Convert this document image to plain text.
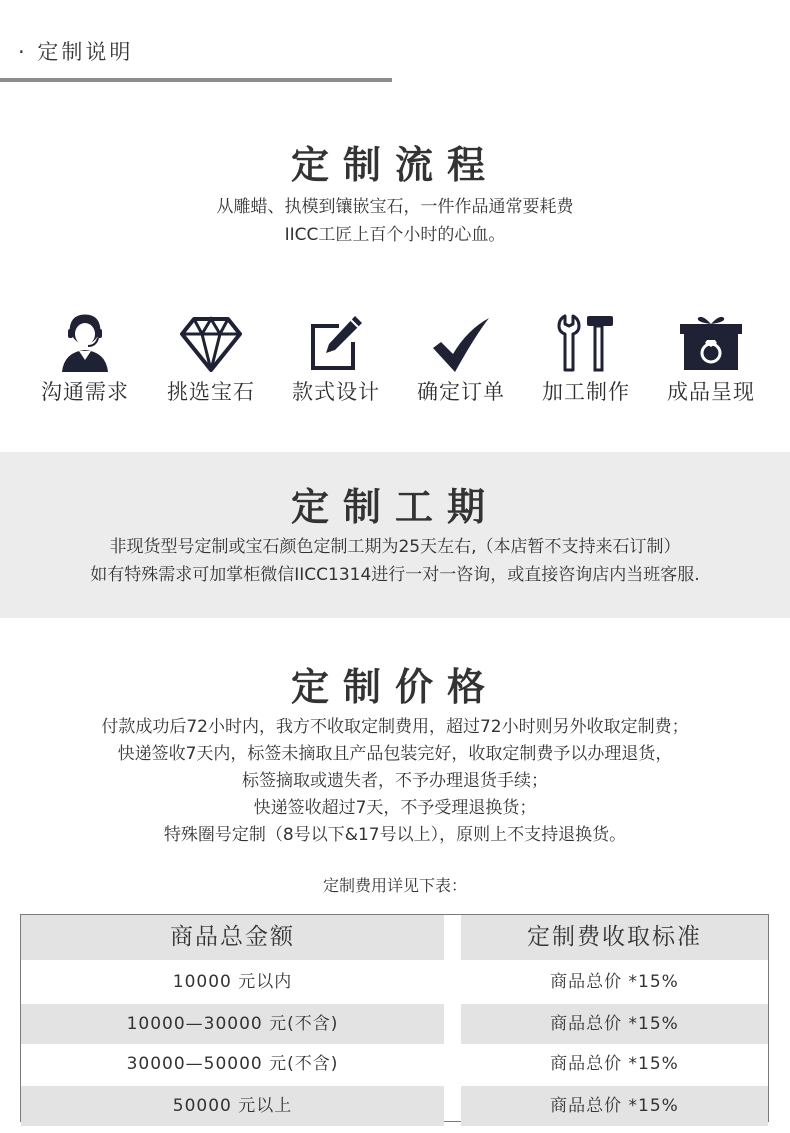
· 定制说明
定制流程
从雕蜡、执模到镶嵌宝石，一件作品通常要耗费
IICC工匠上百个小时的心血。
沟通需求	挑选宝石	款式设计	确定订单	加工制作	成品呈现
定制工期
非现货型号定制或宝石颜色定制工期为25天左右,（本店暂不支持来石订制）
如有特殊需求可加掌柜微信IICC1314进行一对一咨询，或直接咨询店内当班客服.
定制价格
付款成功后72小时内，我方不收取定制费用，超过72小时则另外收取定制费；
快递签收7天内，标签未摘取且产品包装完好，收取定制费予以办理退货，
标签摘取或遗失者，不予办理退货手续；
快递签收超过7天，不予受理退换货；
特殊圈号定制（8号以下&17号以上），原则上不支持退换货。
定制费用详见下表：
商品总金额	定制费收取标准
10000 元以内	商品总价 *15%
10000—30000 元(不含)	商品总价 *15%
30000—50000 元(不含)	商品总价 *15%
50000 元以上	商品总价 *15%
